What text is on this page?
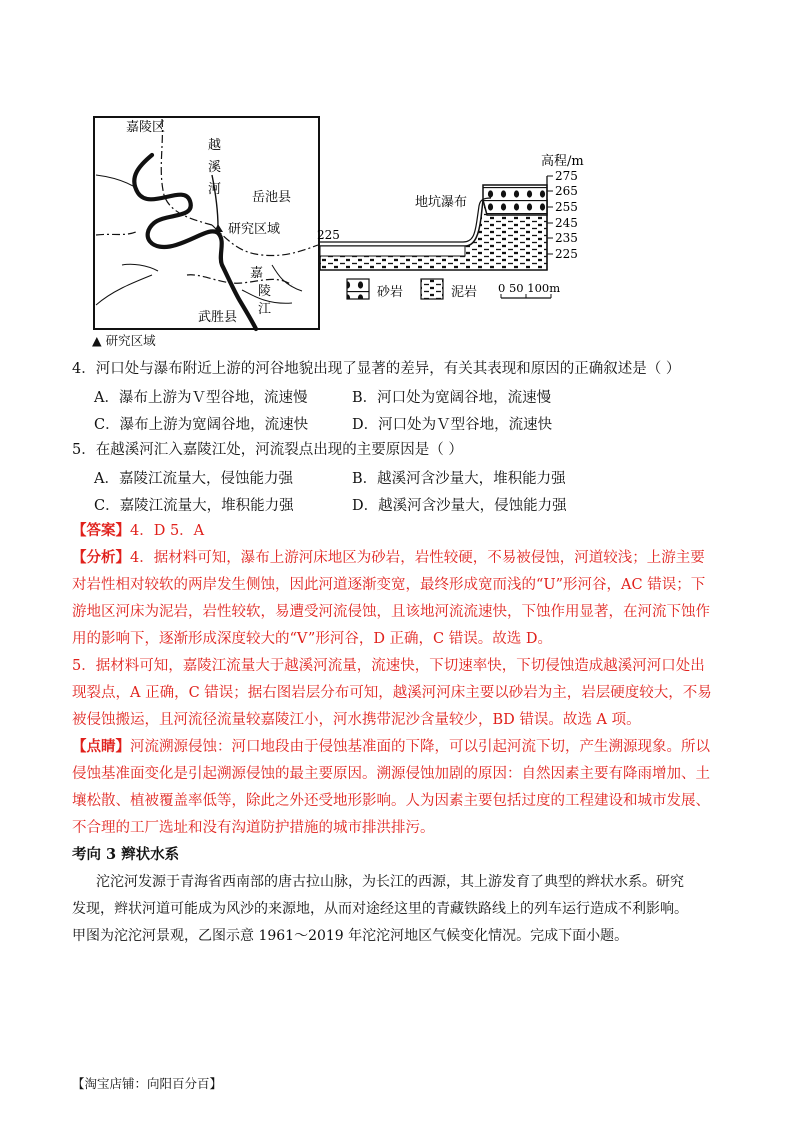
嘉陵区
越
溪
河
岳池县
研究区域
嘉
陵
江
武胜县
▲ 研究区域
高程/m
275
265
255
245
235
225
地坑瀑布
225
砂岩	泥岩 0 50 100m
4．河口处与瀑布附近上游的河谷地貌出现了显著的差异，有关其表现和原因的正确叙述是（ ）
A．瀑布上游为Ｖ型谷地，流速慢	B．河口处为宽阔谷地，流速慢
C．瀑布上游为宽阔谷地，流速快	D．河口处为Ｖ型谷地，流速快
5．在越溪河汇入嘉陵江处，河流裂点出现的主要原因是（ ）
A．嘉陵江流量大，侵蚀能力强	B．越溪河含沙量大，堆积能力强
C．嘉陵江流量大，堆积能力强	D．越溪河含沙量大，侵蚀能力强
【答案】4．D 5．A
【分析】4．据材料可知，瀑布上游河床地区为砂岩，岩性较硬，不易被侵蚀，河道较浅；上游主要
对岩性相对较软的两岸发生侧蚀，因此河道逐渐变宽，最终形成宽而浅的“U”形河谷，AC 错误；下
游地区河床为泥岩，岩性较软，易遭受河流侵蚀，且该地河流流速快，下蚀作用显著，在河流下蚀作
用的影响下，逐渐形成深度较大的“V”形河谷，D 正确，C 错误。故选 D。
5．据材料可知，嘉陵江流量大于越溪河流量，流速快，下切速率快，下切侵蚀造成越溪河河口处出
现裂点，A 正确，C 错误；据右图岩层分布可知，越溪河河床主要以砂岩为主，岩层硬度较大，不易
被侵蚀搬运，且河流径流量较嘉陵江小，河水携带泥沙含量较少，BD 错误。故选 A 项。
【点睛】河流溯源侵蚀：河口地段由于侵蚀基准面的下降，可以引起河流下切，产生溯源现象。所以
侵蚀基准面变化是引起溯源侵蚀的最主要原因。溯源侵蚀加剧的原因：自然因素主要有降雨增加、土
壤松散、植被覆盖率低等，除此之外还受地形影响。人为因素主要包括过度的工程建设和城市发展、
不合理的工厂选址和没有沟道防护措施的城市排洪排污。
考向 3 辫状水系
沱沱河发源于青海省西南部的唐古拉山脉，为长江的西源，其上游发育了典型的辫状水系。研究
发现，辫状河道可能成为风沙的来源地，从而对途经这里的青藏铁路线上的列车运行造成不利影响。
甲图为沱沱河景观，乙图示意 1961～2019 年沱沱河地区气候变化情况。完成下面小题。
【淘宝店铺：向阳百分百】
